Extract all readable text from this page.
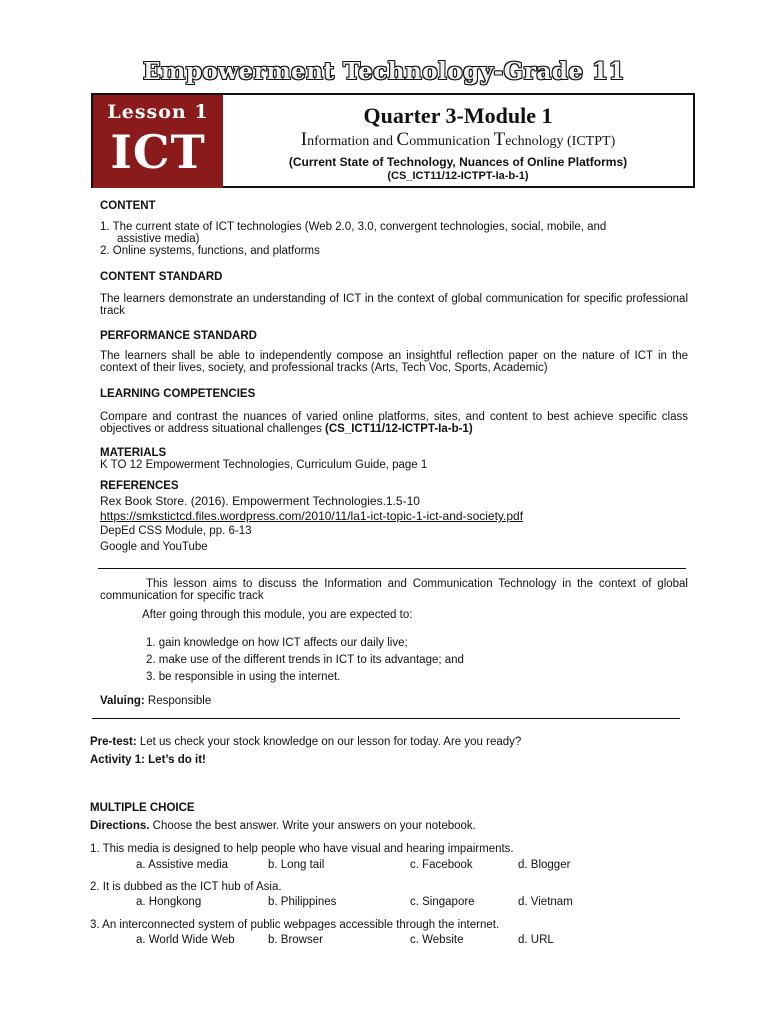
Empowerment Technology-Grade 11
Lesson 1
ICT
Quarter 3-Module 1
Information and Communication Technology (ICTPT)
(Current State of Technology, Nuances of Online Platforms)
(CS_ICT11/12-ICTPT-Ia-b-1)
CONTENT
1. The current state of ICT technologies (Web 2.0, 3.0, convergent technologies, social, mobile, and
assistive media)
2. Online systems, functions, and platforms
CONTENT STANDARD
The learners demonstrate an understanding of ICT in the context of global communication for specific professional track
PERFORMANCE STANDARD
The learners shall be able to independently compose an insightful reflection paper on the nature of ICT in the context of their lives, society, and professional tracks (Arts, Tech Voc, Sports, Academic)
LEARNING COMPETENCIES
Compare and contrast the nuances of varied online platforms, sites, and content to best achieve specific class objectives or address situational challenges (CS_ICT11/12-ICTPT-Ia-b-1)
MATERIALS
K TO 12 Empowerment Technologies, Curriculum Guide, page 1
REFERENCES
Rex Book Store. (2016). Empowerment Technologies.1.5-10
https://smkstictcd.files.wordpress.com/2010/11/la1-ict-topic-1-ict-and-society.pdf
DepEd CSS Module, pp. 6-13
Google and YouTube
This lesson aims to discuss the Information and Communication Technology in the context of global communication for specific track
After going through this module, you are expected to:
1. gain knowledge on how ICT affects our daily live;
2. make use of the different trends in ICT to its advantage; and
3. be responsible in using the internet.
Valuing: Responsible
Pre-test: Let us check your stock knowledge on our lesson for today. Are you ready?
Activity 1: Let’s do it!
MULTIPLE CHOICE
Directions. Choose the best answer. Write your answers on your notebook.
1. This media is designed to help people who have visual and hearing impairments.
a. Assistive media	b. Long tail	c. Facebook	d. Blogger
2. It is dubbed as the ICT hub of Asia.
a. Hongkong	b. Philippines	c. Singapore	d. Vietnam
3. An interconnected system of public webpages accessible through the internet.
a. World Wide Web	b. Browser	c. Website	d. URL
